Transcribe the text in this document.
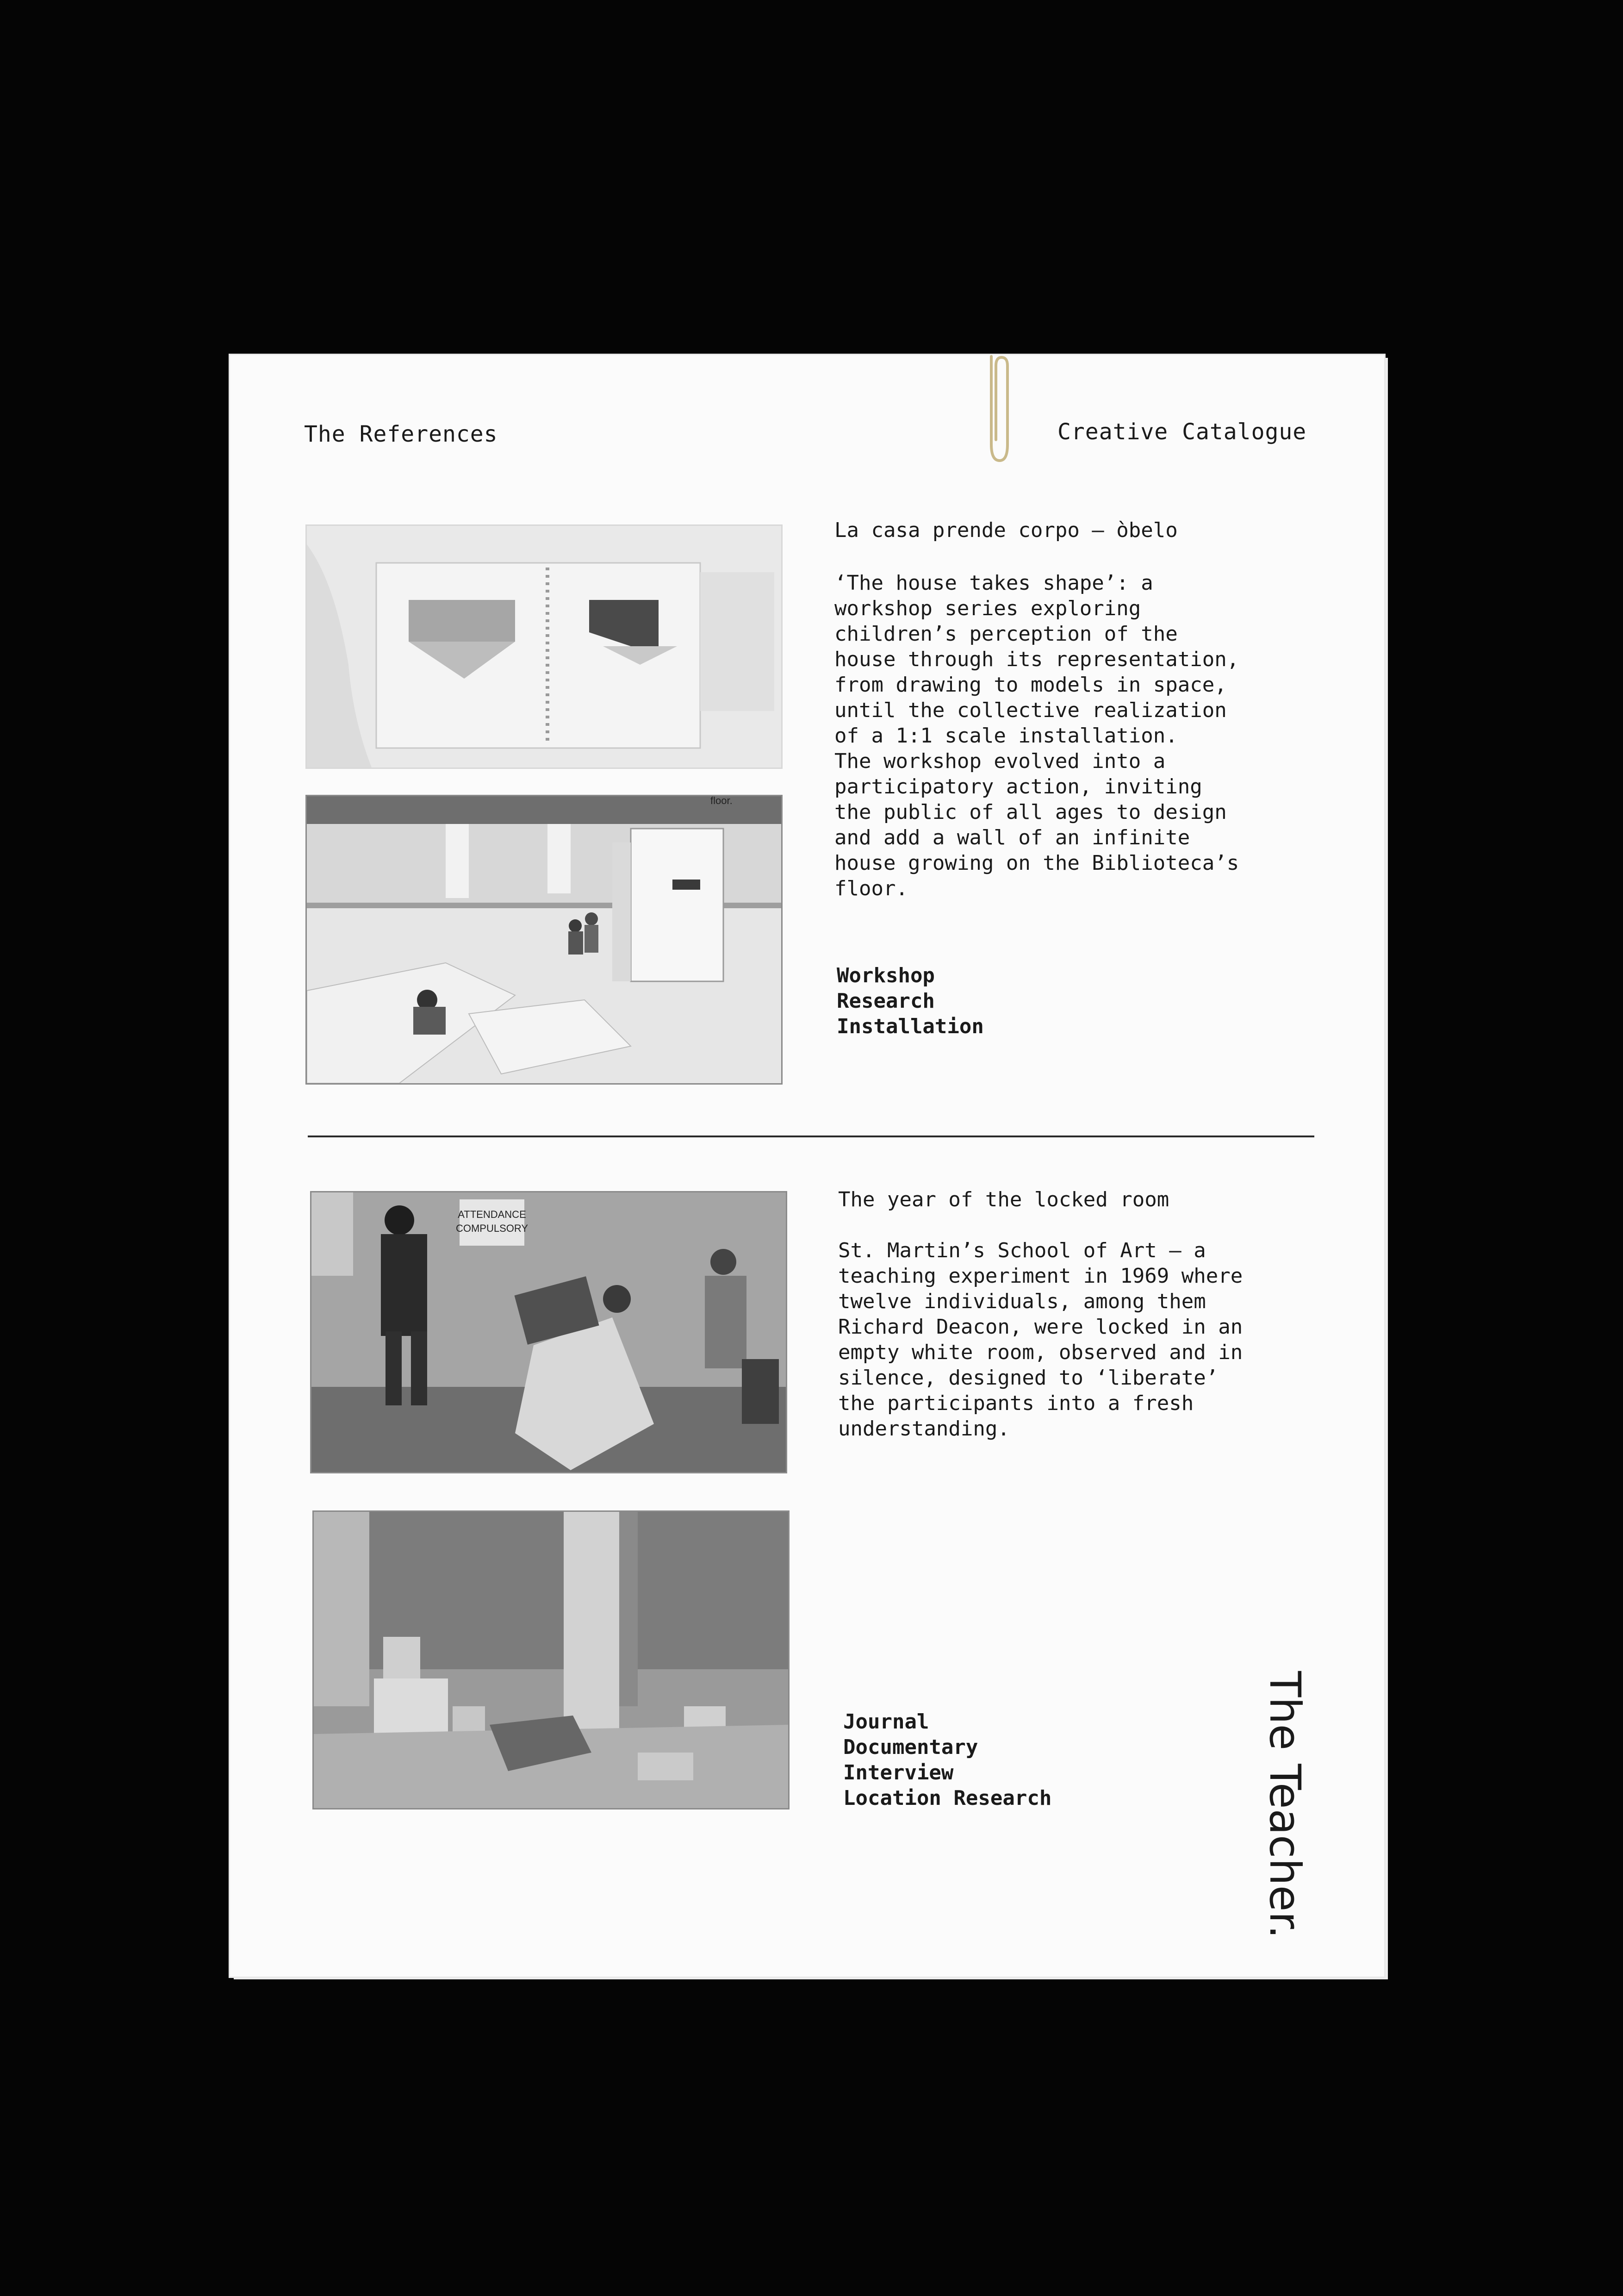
The References	Creative Catalogue
floor.
La casa prende corpo – òbelo
‘The house takes shape’: a
workshop series exploring
children’s perception of the
house through its representation,
from drawing to models in space,
until the collective realization
of a 1:1 scale installation.
The workshop evolved into a
participatory action, inviting
the public of all ages to design
and add a wall of an infinite
house growing on the Biblioteca’s
floor.
Workshop
Research
Installation
ATTENDANCE
COMPULSORY
The year of the locked room
St. Martin’s School of Art – a
teaching experiment in 1969 where
twelve individuals, among them
Richard Deacon, were locked in an
empty white room, observed and in
silence, designed to ‘liberate’
the participants into a fresh
understanding.
Journal
Documentary
Interview
Location Research	The Teacher.
